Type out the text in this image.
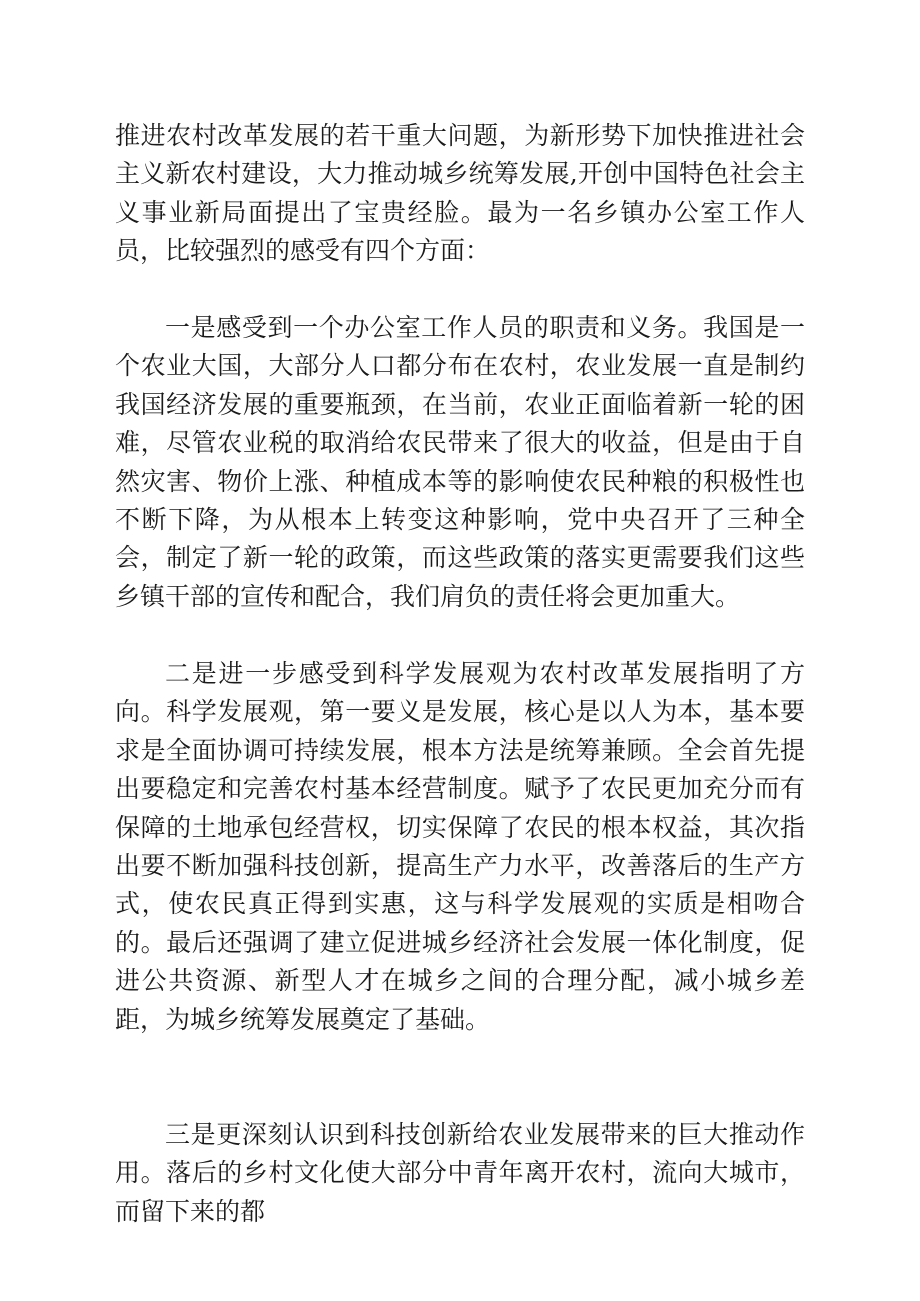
推进农村改革发展的若干重大问题，为新形势下加快推进社会主义新农村建设，大力推动城乡统筹发展,开创中国特色社会主义事业新局面提出了宝贵经脸。最为一名乡镇办公室工作人员，比较强烈的感受有四个方面：

一是感受到一个办公室工作人员的职责和义务。我国是一个农业大国，大部分人口都分布在农村，农业发展一直是制约我国经济发展的重要瓶颈，在当前，农业正面临着新一轮的困难，尽管农业税的取消给农民带来了很大的收益，但是由于自然灾害、物价上涨、种植成本等的影响使农民种粮的积极性也不断下降，为从根本上转变这种影响，党中央召开了三种全会，制定了新一轮的政策，而这些政策的落实更需要我们这些乡镇干部的宣传和配合，我们肩负的责任将会更加重大。

二是进一步感受到科学发展观为农村改革发展指明了方向。科学发展观，第一要义是发展，核心是以人为本，基本要求是全面协调可持续发展，根本方法是统筹兼顾。全会首先提出要稳定和完善农村基本经营制度。赋予了农民更加充分而有保障的土地承包经营权，切实保障了农民的根本权益，其次指出要不断加强科技创新，提高生产力水平，改善落后的生产方式，使农民真正得到实惠，这与科学发展观的实质是相吻合的。最后还强调了建立促进城乡经济社会发展一体化制度，促进公共资源、新型人才在城乡之间的合理分配，减小城乡差距，为城乡统筹发展奠定了基础。

三是更深刻认识到科技创新给农业发展带来的巨大推动作用。落后的乡村文化使大部分中青年离开农村，流向大城市，而留下来的都
